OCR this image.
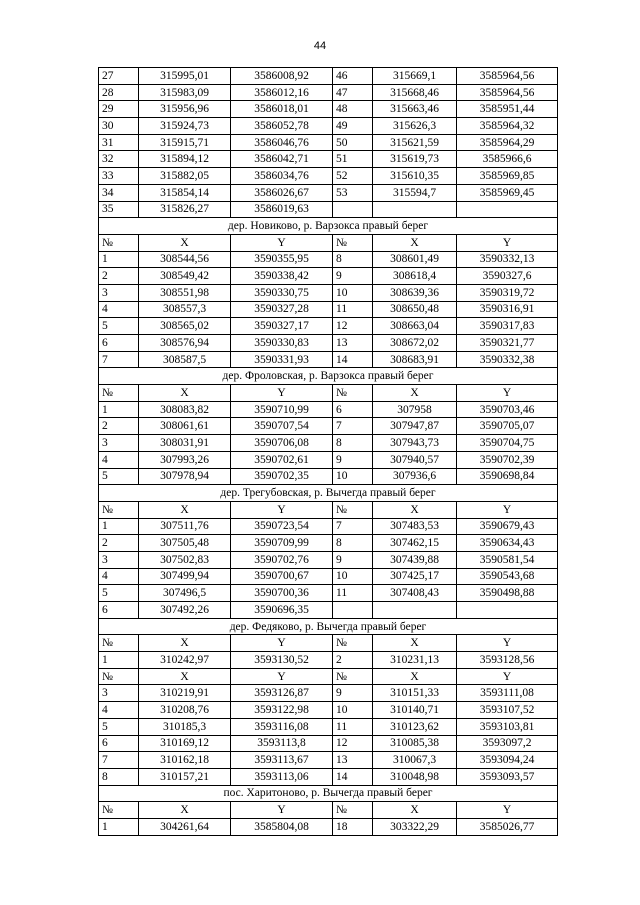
44
27	315995,01	3586008,92	46	315669,1	3585964,56
28	315983,09	3586012,16	47	315668,46	3585964,56
29	315956,96	3586018,01	48	315663,46	3585951,44
30	315924,73	3586052,78	49	315626,3	3585964,32
31	315915,71	3586046,76	50	315621,59	3585964,29
32	315894,12	3586042,71	51	315619,73	3585966,6
33	315882,05	3586034,76	52	315610,35	3585969,85
34	315854,14	3586026,67	53	315594,7	3585969,45
35	315826,27	3586019,63			
дер. Новиково, р. Варзокса правый берег					
№	X	Y	№	X	Y
1	308544,56	3590355,95	8	308601,49	3590332,13
2	308549,42	3590338,42	9	308618,4	3590327,6
3	308551,98	3590330,75	10	308639,36	3590319,72
4	308557,3	3590327,28	11	308650,48	3590316,91
5	308565,02	3590327,17	12	308663,04	3590317,83
6	308576,94	3590330,83	13	308672,02	3590321,77
7	308587,5	3590331,93	14	308683,91	3590332,38
дер. Фроловская, р. Варзокса правый берег					
№	X	Y	№	X	Y
1	308083,82	3590710,99	6	307958	3590703,46
2	308061,61	3590707,54	7	307947,87	3590705,07
3	308031,91	3590706,08	8	307943,73	3590704,75
4	307993,26	3590702,61	9	307940,57	3590702,39
5	307978,94	3590702,35	10	307936,6	3590698,84
дер. Трегубовская, р. Вычегда правый берег					
№	X	Y	№	X	Y
1	307511,76	3590723,54	7	307483,53	3590679,43
2	307505,48	3590709,99	8	307462,15	3590634,43
3	307502,83	3590702,76	9	307439,88	3590581,54
4	307499,94	3590700,67	10	307425,17	3590543,68
5	307496,5	3590700,36	11	307408,43	3590498,88
6	307492,26	3590696,35			
дер. Федяково, р. Вычегда правый берег					
№	X	Y	№	X	Y
1	310242,97	3593130,52	2	310231,13	3593128,56
№	X	Y	№	X	Y
3	310219,91	3593126,87	9	310151,33	3593111,08
4	310208,76	3593122,98	10	310140,71	3593107,52
5	310185,3	3593116,08	11	310123,62	3593103,81
6	310169,12	3593113,8	12	310085,38	3593097,2
7	310162,18	3593113,67	13	310067,3	3593094,24
8	310157,21	3593113,06	14	310048,98	3593093,57
пос. Харитоново, р. Вычегда правый берег					
№	X	Y	№	X	Y
1	304261,64	3585804,08	18	303322,29	3585026,77
